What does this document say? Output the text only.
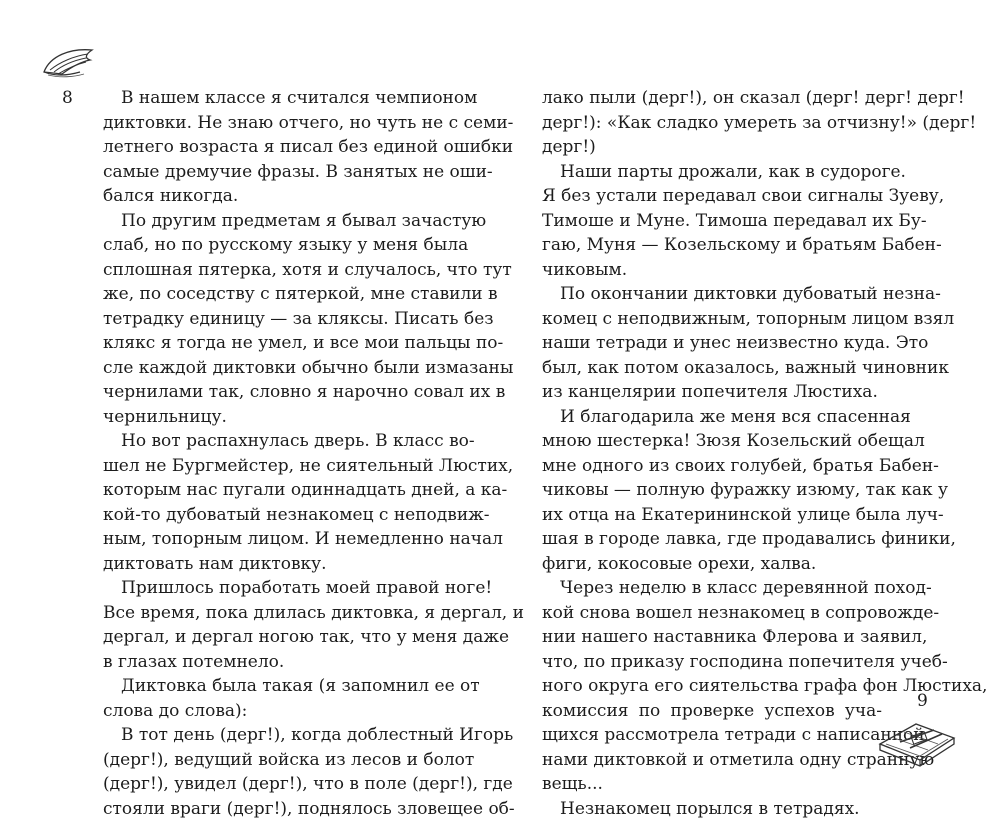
8	В нашем классе я считался чемпионом
диктовки. Не знаю отчего, но чуть не с семи-
летнего возраста я писал без единой ошибки
самые дремучие фразы. В занятых не оши-
бался никогда.
По другим предметам я бывал зачастую
слаб, но по русскому языку у меня была
сплошная пятерка, хотя и случалось, что тут
же, по соседству с пятеркой, мне ставили в
тетрадку единицу — за кляксы. Писать без
клякс я тогда не умел, и все мои пальцы по-
сле каждой диктовки обычно были измазаны
чернилами так, словно я нарочно совал их в
чернильницу.
Но вот распахнулась дверь. В класс во-
шел не Бургмейстер, не сиятельный Люстих,
которым нас пугали одиннадцать дней, а ка-
кой-то дубоватый незнакомец с неподвиж-
ным, топорным лицом. И немедленно начал
диктовать нам диктовку.
Пришлось поработать моей правой ноге!
Все время, пока длилась диктовка, я дергал, и
дергал, и дергал ногою так, что у меня даже
в глазах потемнело.
Диктовка была такая (я запомнил ее от
слова до слова):
В тот день (дерг!), когда доблестный Игорь
(дерг!), ведущий войска из лесов и болот
(дерг!), увидел (дерг!), что в поле (дерг!), где
стояли враги (дерг!), поднялось зловещее об-
лако пыли (дерг!), он сказал (дерг! дерг! дерг!
дерг!): «Как сладко умереть за отчизну!» (дерг!
дерг!)
Наши парты дрожали, как в судороге.
Я без устали передавал свои сигналы Зуеву,
Тимоше и Муне. Тимоша передавал их Бу-
гаю, Муня — Козельскому и братьям Бабен-
чиковым.
По окончании диктовки дубоватый незна-
комец с неподвижным, топорным лицом взял
наши тетради и унес неизвестно куда. Это
был, как потом оказалось, важный чиновник
из канцелярии попечителя Люстиха.
И благодарила же меня вся спасенная
мною шестерка! Зюзя Козельский обещал
мне одного из своих голубей, братья Бабен-
чиковы — полную фуражку изюму, так как у
их отца на Екатерининской улице была луч-
шая в городе лавка, где продавались финики,
фиги, кокосовые орехи, халва.
Через неделю в класс деревянной поход-
кой снова вошел незнакомец в сопровожде-
нии нашего наставника Флерова и заявил,
что, по приказу господина попечителя учеб-
ного округа его сиятельства графа фон Люстиха,
комиссия по проверке успехов уча-
щихся рассмотрела тетради с написанной
нами диктовкой и отметила одну странную
вещь...
Незнакомец порылся в тетрадях.
9
